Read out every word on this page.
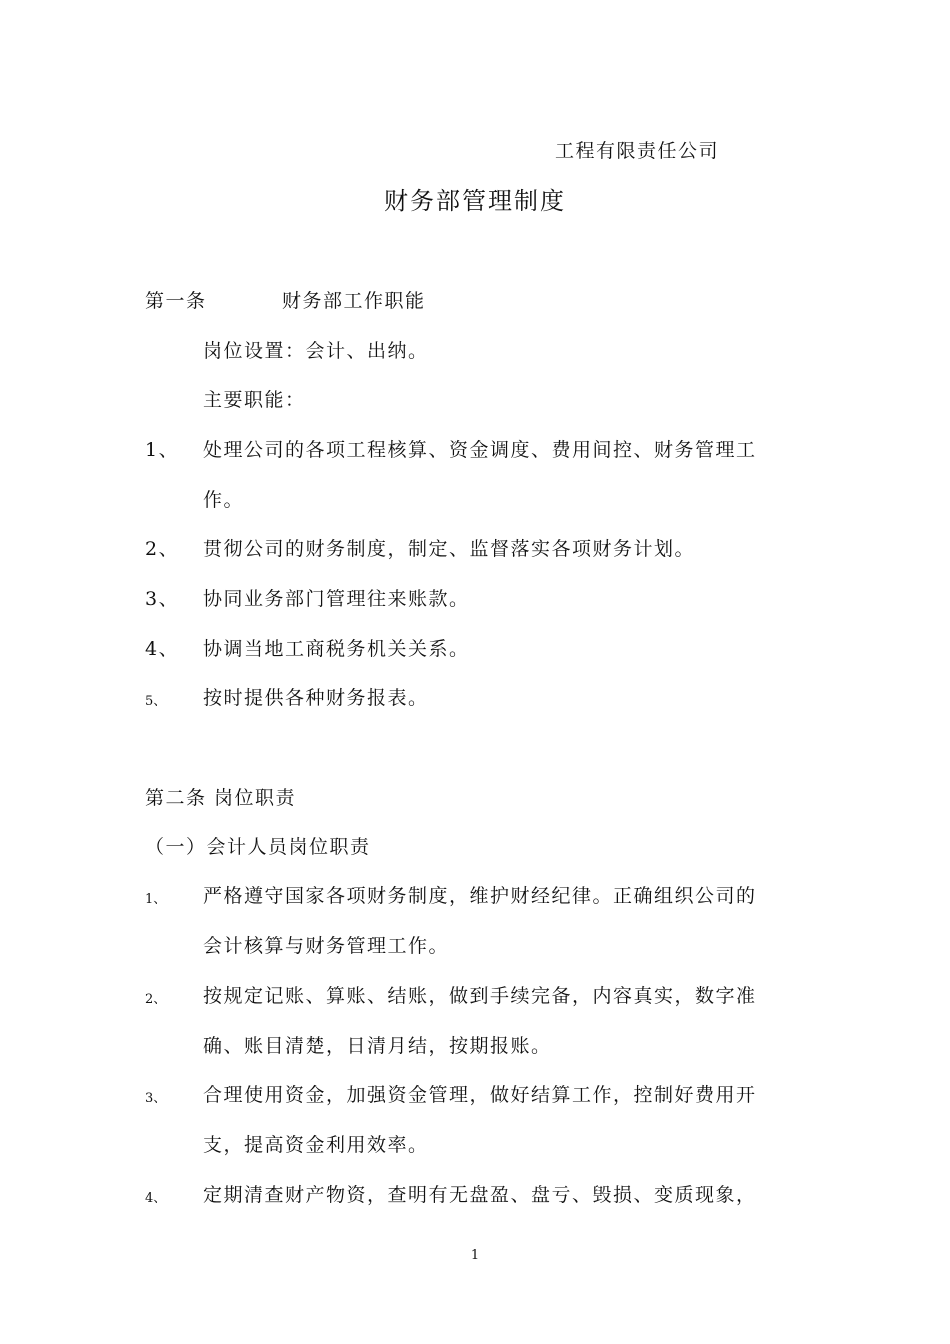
工程有限责任公司
财务部管理制度
第一条	财务部工作职能
岗位设置：会计、出纳。
主要职能：
1、 处理公司的各项工程核算、资金调度、费用间控、财务管理工
作。
2、 贯彻公司的财务制度，制定、监督落实各项财务计划。
3、 协同业务部门管理往来账款。
4、 协调当地工商税务机关关系。
5、 按时提供各种财务报表。
第二条 岗位职责
（一）会计人员岗位职责
1、 严格遵守国家各项财务制度，维护财经纪律。正确组织公司的
会计核算与财务管理工作。
2、 按规定记账、算账、结账，做到手续完备，内容真实，数字准
确、账目清楚，日清月结，按期报账。
3、 合理使用资金，加强资金管理，做好结算工作，控制好费用开
支，提高资金利用效率。
4、 定期清查财产物资，查明有无盘盈、盘亏、毁损、变质现象，
1
